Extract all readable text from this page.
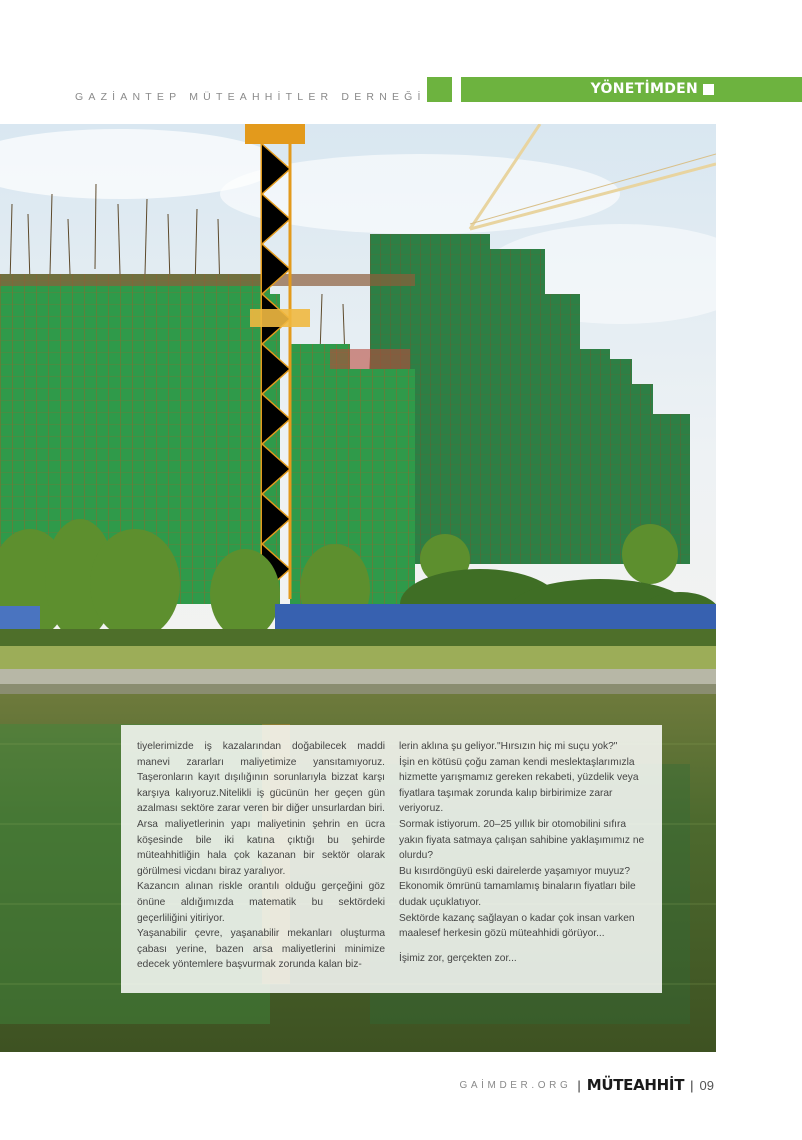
GAZİANTEP MÜTEAHHİTLER DERNEĞİ	YÖNETİMDEN

tiyelerimizde iş kazalarından doğabilecek maddi manevi zararları maliyetimize yansıtamıyoruz. Taşeronların kayıt dışılığının sorunlarıyla bizzat karşı karşıya kalıyoruz.Nitelikli iş gücünün her geçen gün azalması sektöre zarar veren bir diğer unsurlardan biri. Arsa maliyetlerinin yapı maliyetinin şehrin en ücra köşesinde bile iki katına çıktığı bu şehirde müteahhitliğin hala çok kazanan bir sektör olarak görülmesi vicdanı biraz yaralıyor.

Kazancın alınan riskle orantılı olduğu gerçeğini göz önüne aldığımızda matematik bu sektördeki geçerliliğini yitiriyor.

Yaşanabilir çevre, yaşanabilir mekanları oluşturma çabası yerine, bazen arsa maliyetlerini minimize edecek yöntemlere başvurmak zorunda kalan biz-

lerin aklına şu geliyor."Hırsızın hiç mi suçu yok?"

İşin en kötüsü çoğu zaman kendi meslektaşlarımızla hizmette yarışmamız gereken rekabeti, yüzdelik veya fiyatlara taşımak zorunda kalıp birbirimize zarar veriyoruz.

Sormak istiyorum. 20–25 yıllık bir otomobilini sıfıra yakın fiyata satmaya çalışan sahibine yaklaşımımız ne olurdu?

Bu kısırdöngüyü eski dairelerde yaşamıyor muyuz? Ekonomik ömrünü tamamlamış binaların fiyatları bile dudak uçuklatıyor.

Sektörde kazanç sağlayan o kadar çok insan varken maalesef herkesin gözü müteahhidi görüyor...

İşimiz zor, gerçekten zor...

GAİMDER.ORG | MÜTEAHHİT | 09
